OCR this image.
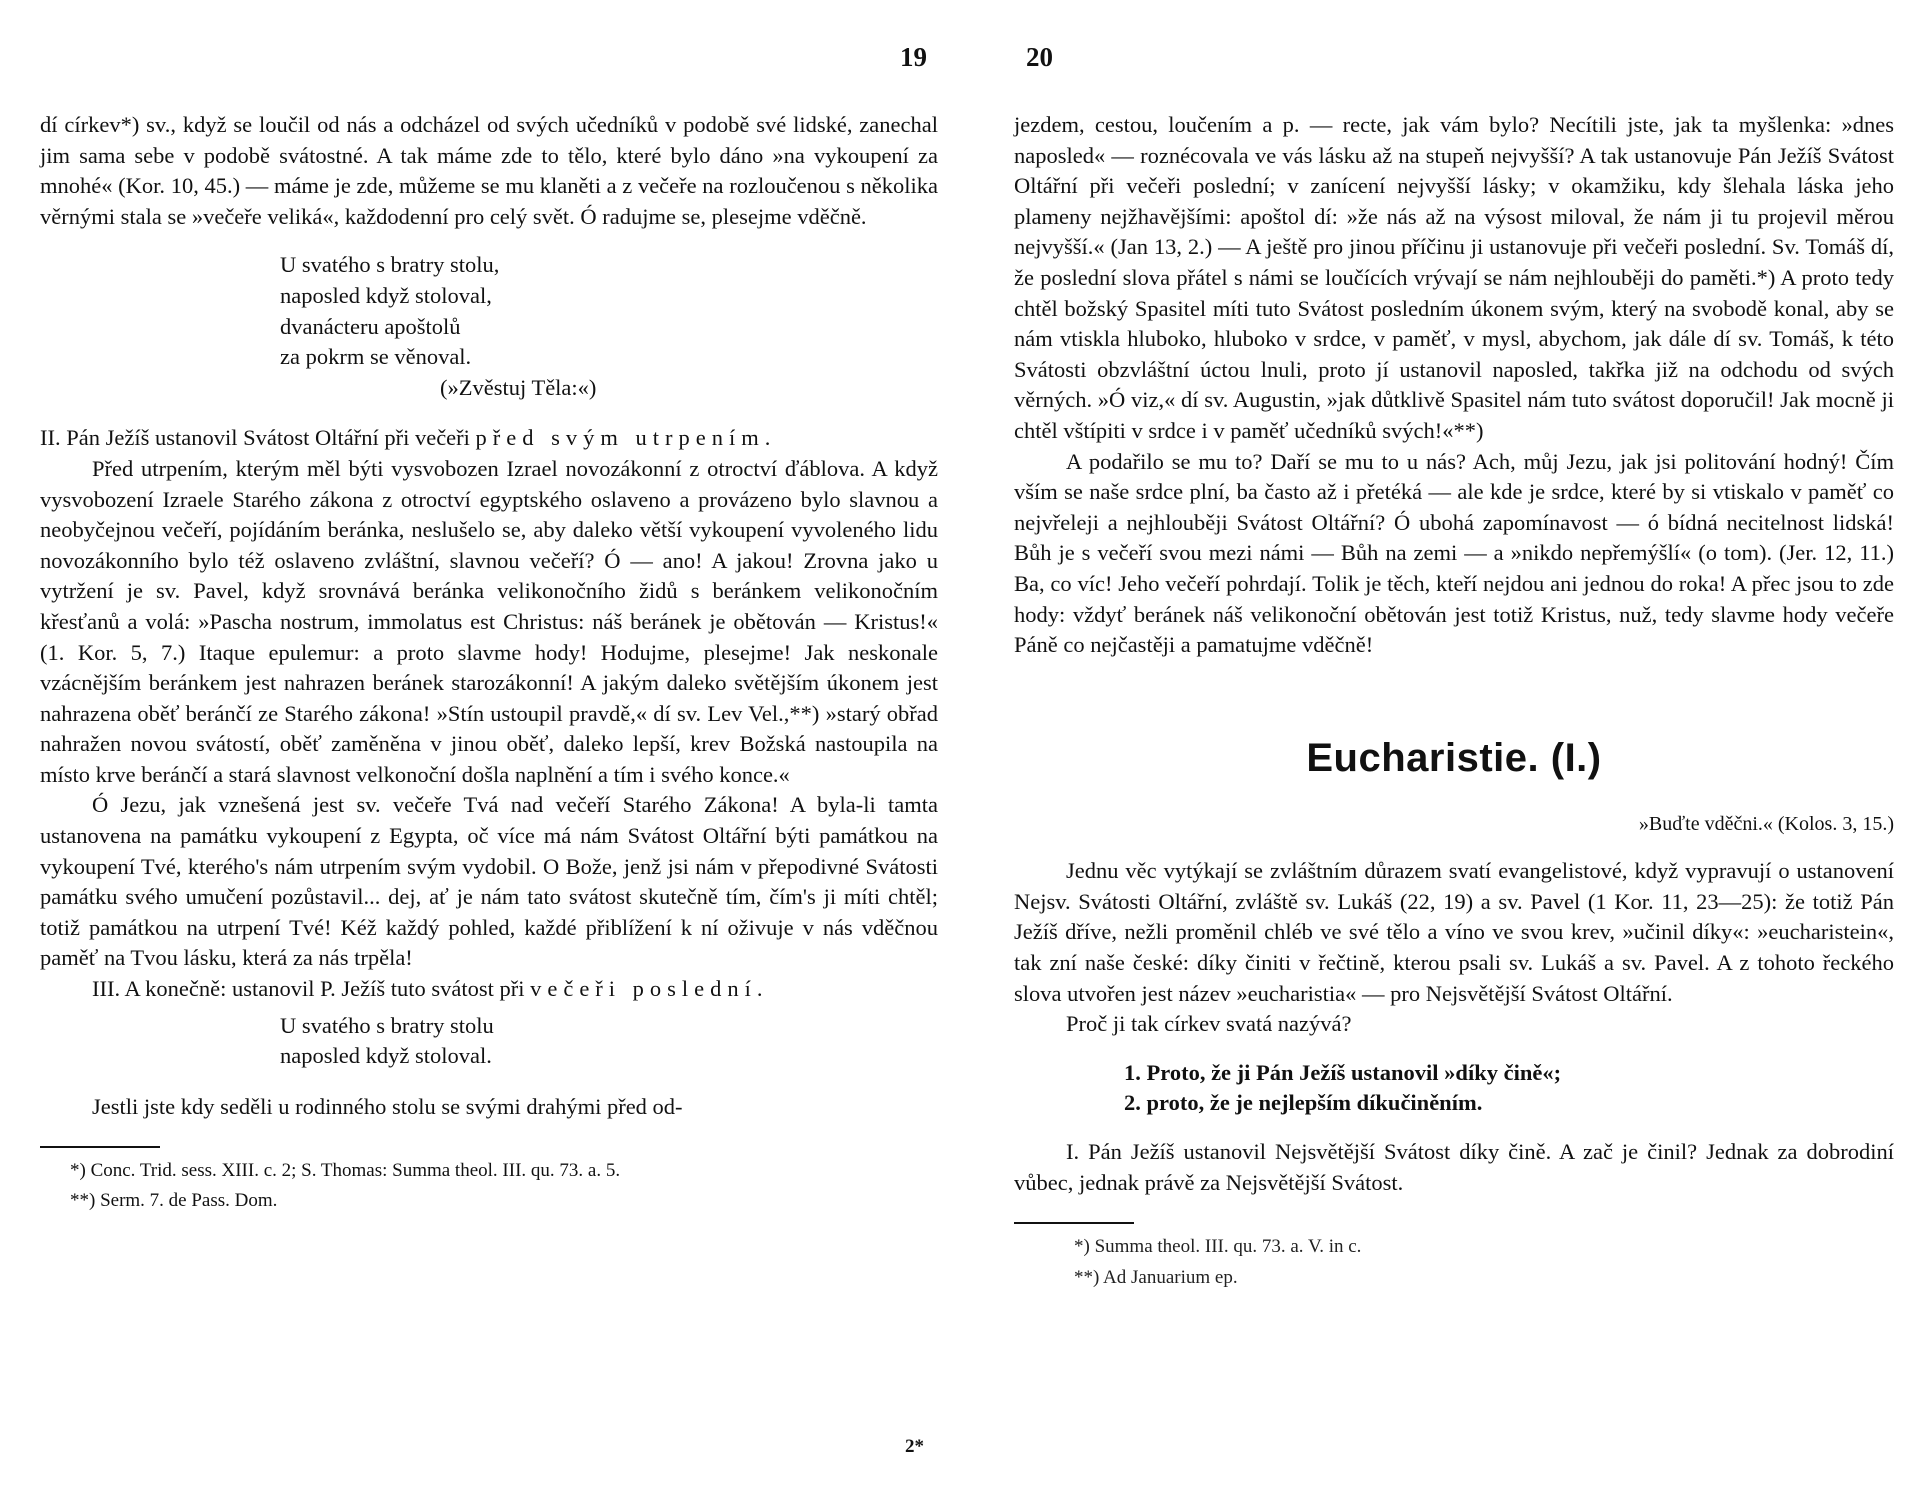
19

dí církev*) sv., když se loučil od nás a odcházel od svých učedníků v podobě své lidské, zanechal jim sama sebe v podobě svátostné. A tak máme zde to tělo, které bylo dáno »na vykoupení za mnohé« (Kor. 10, 45.) — máme je zde, můžeme se mu klaněti a z večeře na rozloučenou s několika věrnými stala se »večeře veliká«, každodenní pro celý svět. Ó radujme se, plesejme vděčně.

U svatého s bratry stolu,
naposled když stoloval,
dvanácteru apoštolů
za pokrm se věnoval.
(»Zvěstuj Těla:«)

II. Pán Ježíš ustanovil Svátost Oltářní při večeři před svým utrpením.

Před utrpením, kterým měl býti vysvobozen Izrael novozákonní z otroctví ďáblova. A když vysvobození Izraele Starého zákona z otroctví egyptského oslaveno a provázeno bylo slavnou a neobyčejnou večeří, pojídáním beránka, neslušelo se, aby daleko větší vykoupení vyvoleného lidu novozákonního bylo též oslaveno zvláštní, slavnou večeří? Ó — ano! A jakou! Zrovna jako u vytržení je sv. Pavel, když srovnává beránka velikonočního židů s beránkem velikonočním křesťanů a volá: »Pascha nostrum, immolatus est Christus: náš beránek je obětován — Kristus!« (1. Kor. 5, 7.) Itaque epulemur: a proto slavme hody! Hodujme, plesejme! Jak neskonale vzácnějším beránkem jest nahrazen beránek starozákonní! A jakým daleko světějším úkonem jest nahrazena oběť beránčí ze Starého zákona! »Stín ustoupil pravdě,« dí sv. Lev Vel.,**) »starý obřad nahražen novou svátostí, oběť zaměněna v jinou oběť, daleko lepší, krev Božská nastoupila na místo krve beránčí a stará slavnost velkonoční došla naplnění a tím i svého konce.«

Ó Jezu, jak vznešená jest sv. večeře Tvá nad večeří Starého Zákona! A byla-li tamta ustanovena na památku vykoupení z Egypta, oč více má nám Svátost Oltářní býti památkou na vykoupení Tvé, kterého's nám utrpením svým vydobil. O Bože, jenž jsi nám v přepodivné Svátosti památku svého umučení pozůstavil... dej, ať je nám tato svátost skutečně tím, čím's ji míti chtěl; totiž památkou na utrpení Tvé! Kéž každý pohled, každé přiblížení k ní oživuje v nás vděčnou paměť na Tvou lásku, která za nás trpěla!

III. A konečně: ustanovil P. Ježíš tuto svátost při večeři poslední.

U svatého s bratry stolu
naposled když stoloval.

Jestli jste kdy seděli u rodinného stolu se svými drahými před od-

*) Conc. Trid. sess. XIII. c. 2; S. Thomas: Summa theol. III. qu. 73. a. 5.
**) Serm. 7. de Pass. Dom.
2*
20

jezdem, cestou, loučením a p. — recte, jak vám bylo? Necítili jste, jak ta myšlenka: »dnes naposled« — roznécovala ve vás lásku až na stupeň nejvyšší? A tak ustanovuje Pán Ježíš Svátost Oltářní při večeři poslední; v zanícení nejvyšší lásky; v okamžiku, kdy šlehala láska jeho plameny nejžhavějšími: apoštol dí: »že nás až na výsost miloval, že nám ji tu projevil měrou nejvyšší.« (Jan 13, 2.) — A ještě pro jinou příčinu ji ustanovuje při večeři poslední. Sv. Tomáš dí, že poslední slova přátel s námi se loučících vrývají se nám nejhlouběji do paměti.*) A proto tedy chtěl božský Spasitel míti tuto Svátost posledním úkonem svým, který na svobodě konal, aby se nám vtiskla hluboko, hluboko v srdce, v paměť, v mysl, abychom, jak dále dí sv. Tomáš, k této Svátosti obzvláštní úctou lnuli, proto jí ustanovil naposled, takřka již na odchodu od svých věrných. »Ó viz,« dí sv. Augustin, »jak důtklivě Spasitel nám tuto svátost doporučil! Jak mocně ji chtěl vštípiti v srdce i v paměť učedníků svých!«**)

A podařilo se mu to? Daří se mu to u nás? Ach, můj Jezu, jak jsi politování hodný! Čím vším se naše srdce plní, ba často až i přetéká — ale kde je srdce, které by si vtiskalo v paměť co nejvřeleji a nejhlouběji Svátost Oltářní? Ó ubohá zapomínavost — ó bídná necitelnost lidská! Bůh je s večeří svou mezi námi — Bůh na zemi — a »nikdo nepřemýšlí« (o tom). (Jer. 12, 11.) Ba, co víc! Jeho večeří pohrdají. Tolik je těch, kteří nejdou ani jednou do roka! A přec jsou to zde hody: vždyť beránek náš velikonoční obětován jest totiž Kristus, nuž, tedy slavme hody večeře Páně co nejčastěji a pamatujme vděčně!

Eucharistie. (I.)
»Buďte vděčni.« (Kolos. 3, 15.)

Jednu věc vytýkají se zvláštním důrazem svatí evangelistové, když vypravují o ustanovení Nejsv. Svátosti Oltářní, zvláště sv. Lukáš (22, 19) a sv. Pavel (1 Kor. 11, 23—25): že totiž Pán Ježíš dříve, nežli proměnil chléb ve své tělo a víno ve svou krev, »učinil díky«: »eucharistein«, tak zní naše české: díky činiti v řečtině, kterou psali sv. Lukáš a sv. Pavel. A z tohoto řeckého slova utvořen jest název »eucharistia« — pro Nejsvětější Svátost Oltářní.

Proč ji tak církev svatá nazývá?

1. Proto, že ji Pán Ježíš ustanovil »díky čině«;
2. proto, že je nejlepším díkučiněním.

I. Pán Ježíš ustanovil Nejsvětější Svátost díky čině. A zač je činil? Jednak za dobrodiní vůbec, jednak právě za Nejsvětější Svátost.

*) Summa theol. III. qu. 73. a. V. in c.
**) Ad Januarium ep.
